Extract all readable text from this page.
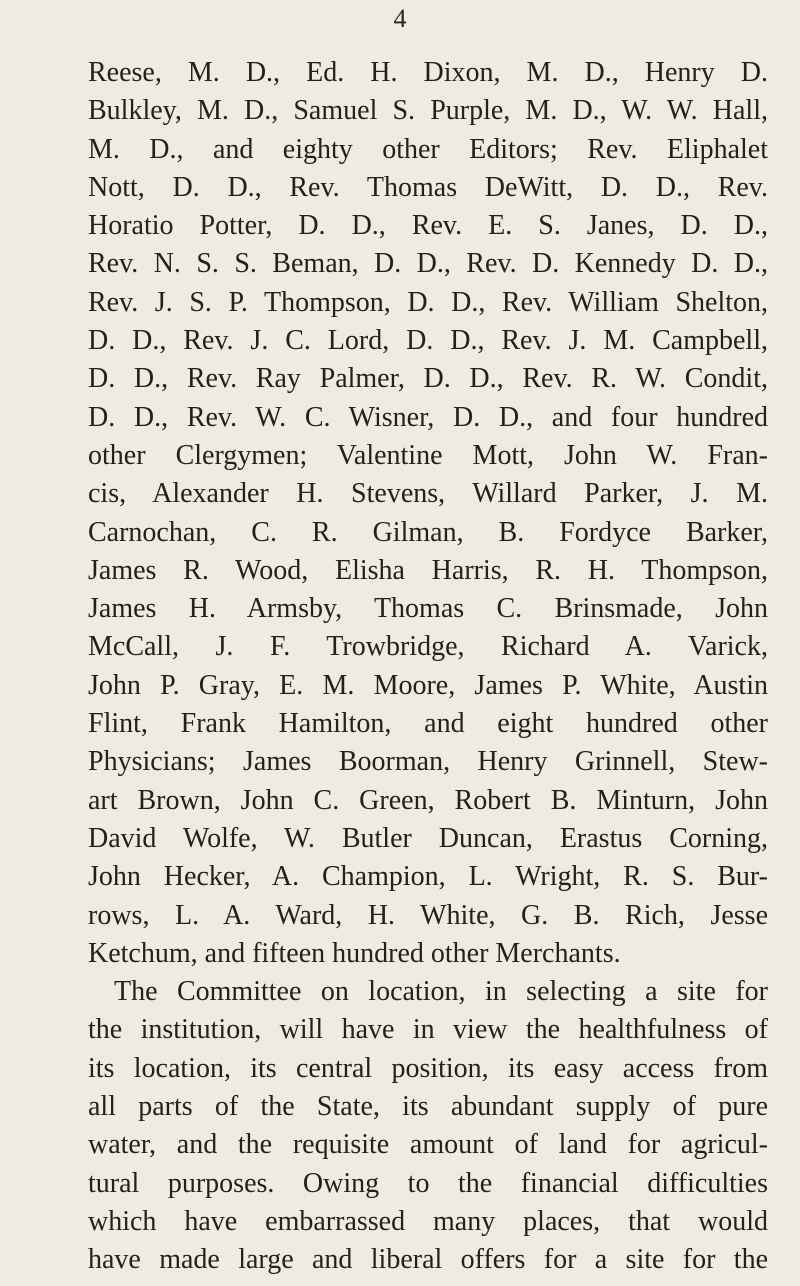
4
Reese, M. D., Ed. H. Dixon, M. D., Henry D.
Bulkley, M. D., Samuel S. Purple, M. D., W. W. Hall,
M. D., and eighty other Editors; Rev. Eliphalet
Nott, D. D., Rev. Thomas DeWitt, D. D., Rev.
Horatio Potter, D. D., Rev. E. S. Janes, D. D.,
Rev. N. S. S. Beman, D. D., Rev. D. Kennedy D. D.,
Rev. J. S. P. Thompson, D. D., Rev. William Shelton,
D. D., Rev. J. C. Lord, D. D., Rev. J. M. Campbell,
D. D., Rev. Ray Palmer, D. D., Rev. R. W. Condit,
D. D., Rev. W. C. Wisner, D. D., and four hundred
other Clergymen; Valentine Mott, John W. Fran-
cis, Alexander H. Stevens, Willard Parker, J. M.
Carnochan, C. R. Gilman, B. Fordyce Barker,
James R. Wood, Elisha Harris, R. H. Thompson,
James H. Armsby, Thomas C. Brinsmade, John
McCall, J. F. Trowbridge, Richard A. Varick,
John P. Gray, E. M. Moore, James P. White, Austin
Flint, Frank Hamilton, and eight hundred other
Physicians; James Boorman, Henry Grinnell, Stew-
art Brown, John C. Green, Robert B. Minturn, John
David Wolfe, W. Butler Duncan, Erastus Corning,
John Hecker, A. Champion, L. Wright, R. S. Bur-
rows, L. A. Ward, H. White, G. B. Rich, Jesse
Ketchum, and fifteen hundred other Merchants.
The Committee on location, in selecting a site for
the institution, will have in view the healthfulness of
its location, its central position, its easy access from
all parts of the State, its abundant supply of pure
water, and the requisite amount of land for agricul-
tural purposes. Owing to the financial difficulties
which have embarrassed many places, that would
have made large and liberal offers for a site for the
